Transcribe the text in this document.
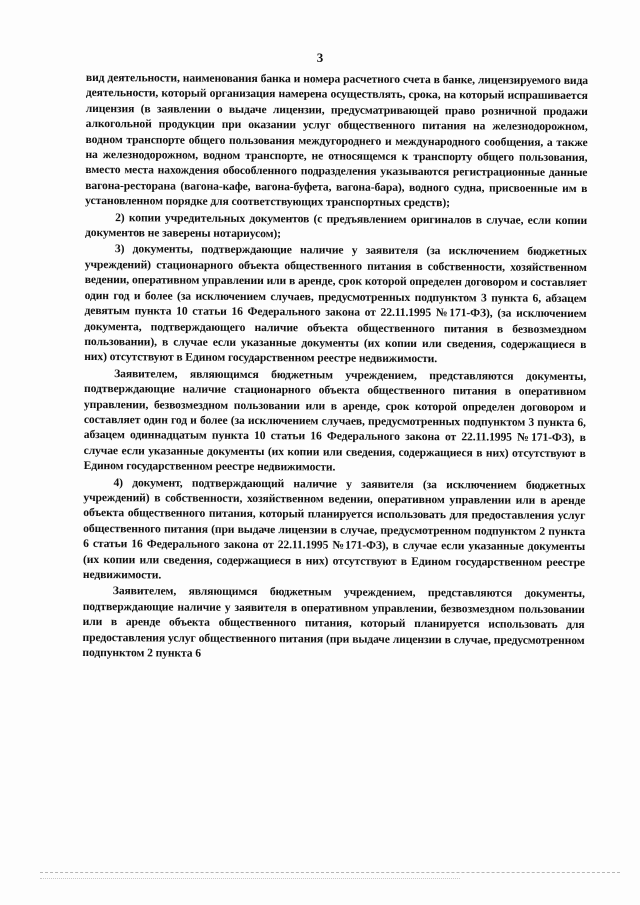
3

вид деятельности, наименования банка и номера расчетного счета в банке, лицензируемого вида деятельности, который организация намерена осуществлять, срока, на который испрашивается лицензия (в заявлении о выдаче лицензии, предусматривающей право розничной продажи алкогольной продукции при оказании услуг общественного питания на железнодорожном, водном транспорте общего пользования междугороднего и международного сообщения, а также на железнодорожном, водном транспорте, не относящемся к транспорту общего пользования, вместо места нахождения обособленного подразделения указываются регистрационные данные вагона-ресторана (вагона-кафе, вагона-буфета, вагона-бара), водного судна, присвоенные им в установленном порядке для соответствующих транспортных средств);

2) копии учредительных документов (с предъявлением оригиналов в случае, если копии документов не заверены нотариусом);

3) документы, подтверждающие наличие у заявителя (за исключением бюджетных учреждений) стационарного объекта общественного питания в собственности, хозяйственном ведении, оперативном управлении или в аренде, срок которой определен договором и составляет один год и более (за исключением случаев, предусмотренных подпунктом 3 пункта 6, абзацем девятым пункта 10 статьи 16 Федерального закона от 22.11.1995 №171-ФЗ), (за исключением документа, подтверждающего наличие объекта общественного питания в безвозмездном пользовании), в случае если указанные документы (их копии или сведения, содержащиеся в них) отсутствуют в Едином государственном реестре недвижимости.

Заявителем, являющимся бюджетным учреждением, представляются документы, подтверждающие наличие стационарного объекта общественного питания в оперативном управлении, безвозмездном пользовании или в аренде, срок которой определен договором и составляет один год и более (за исключением случаев, предусмотренных подпунктом 3 пункта 6, абзацем одиннадцатым пункта 10 статьи 16 Федерального закона от 22.11.1995 №171-ФЗ), в случае если указанные документы (их копии или сведения, содержащиеся в них) отсутствуют в Едином государственном реестре недвижимости.

4) документ, подтверждающий наличие у заявителя (за исключением бюджетных учреждений) в собственности, хозяйственном ведении, оперативном управлении или в аренде объекта общественного питания, который планируется использовать для предоставления услуг общественного питания (при выдаче лицензии в случае, предусмотренном подпунктом 2 пункта 6 статьи 16 Федерального закона от 22.11.1995 №171-ФЗ), в случае если указанные документы (их копии или сведения, содержащиеся в них) отсутствуют в Едином государственном реестре недвижимости.

Заявителем, являющимся бюджетным учреждением, представляются документы, подтверждающие наличие у заявителя в оперативном управлении, безвозмездном пользовании или в аренде объекта общественного питания, который планируется использовать для предоставления услуг общественного питания (при выдаче лицензии в случае, предусмотренном подпунктом 2 пункта 6
